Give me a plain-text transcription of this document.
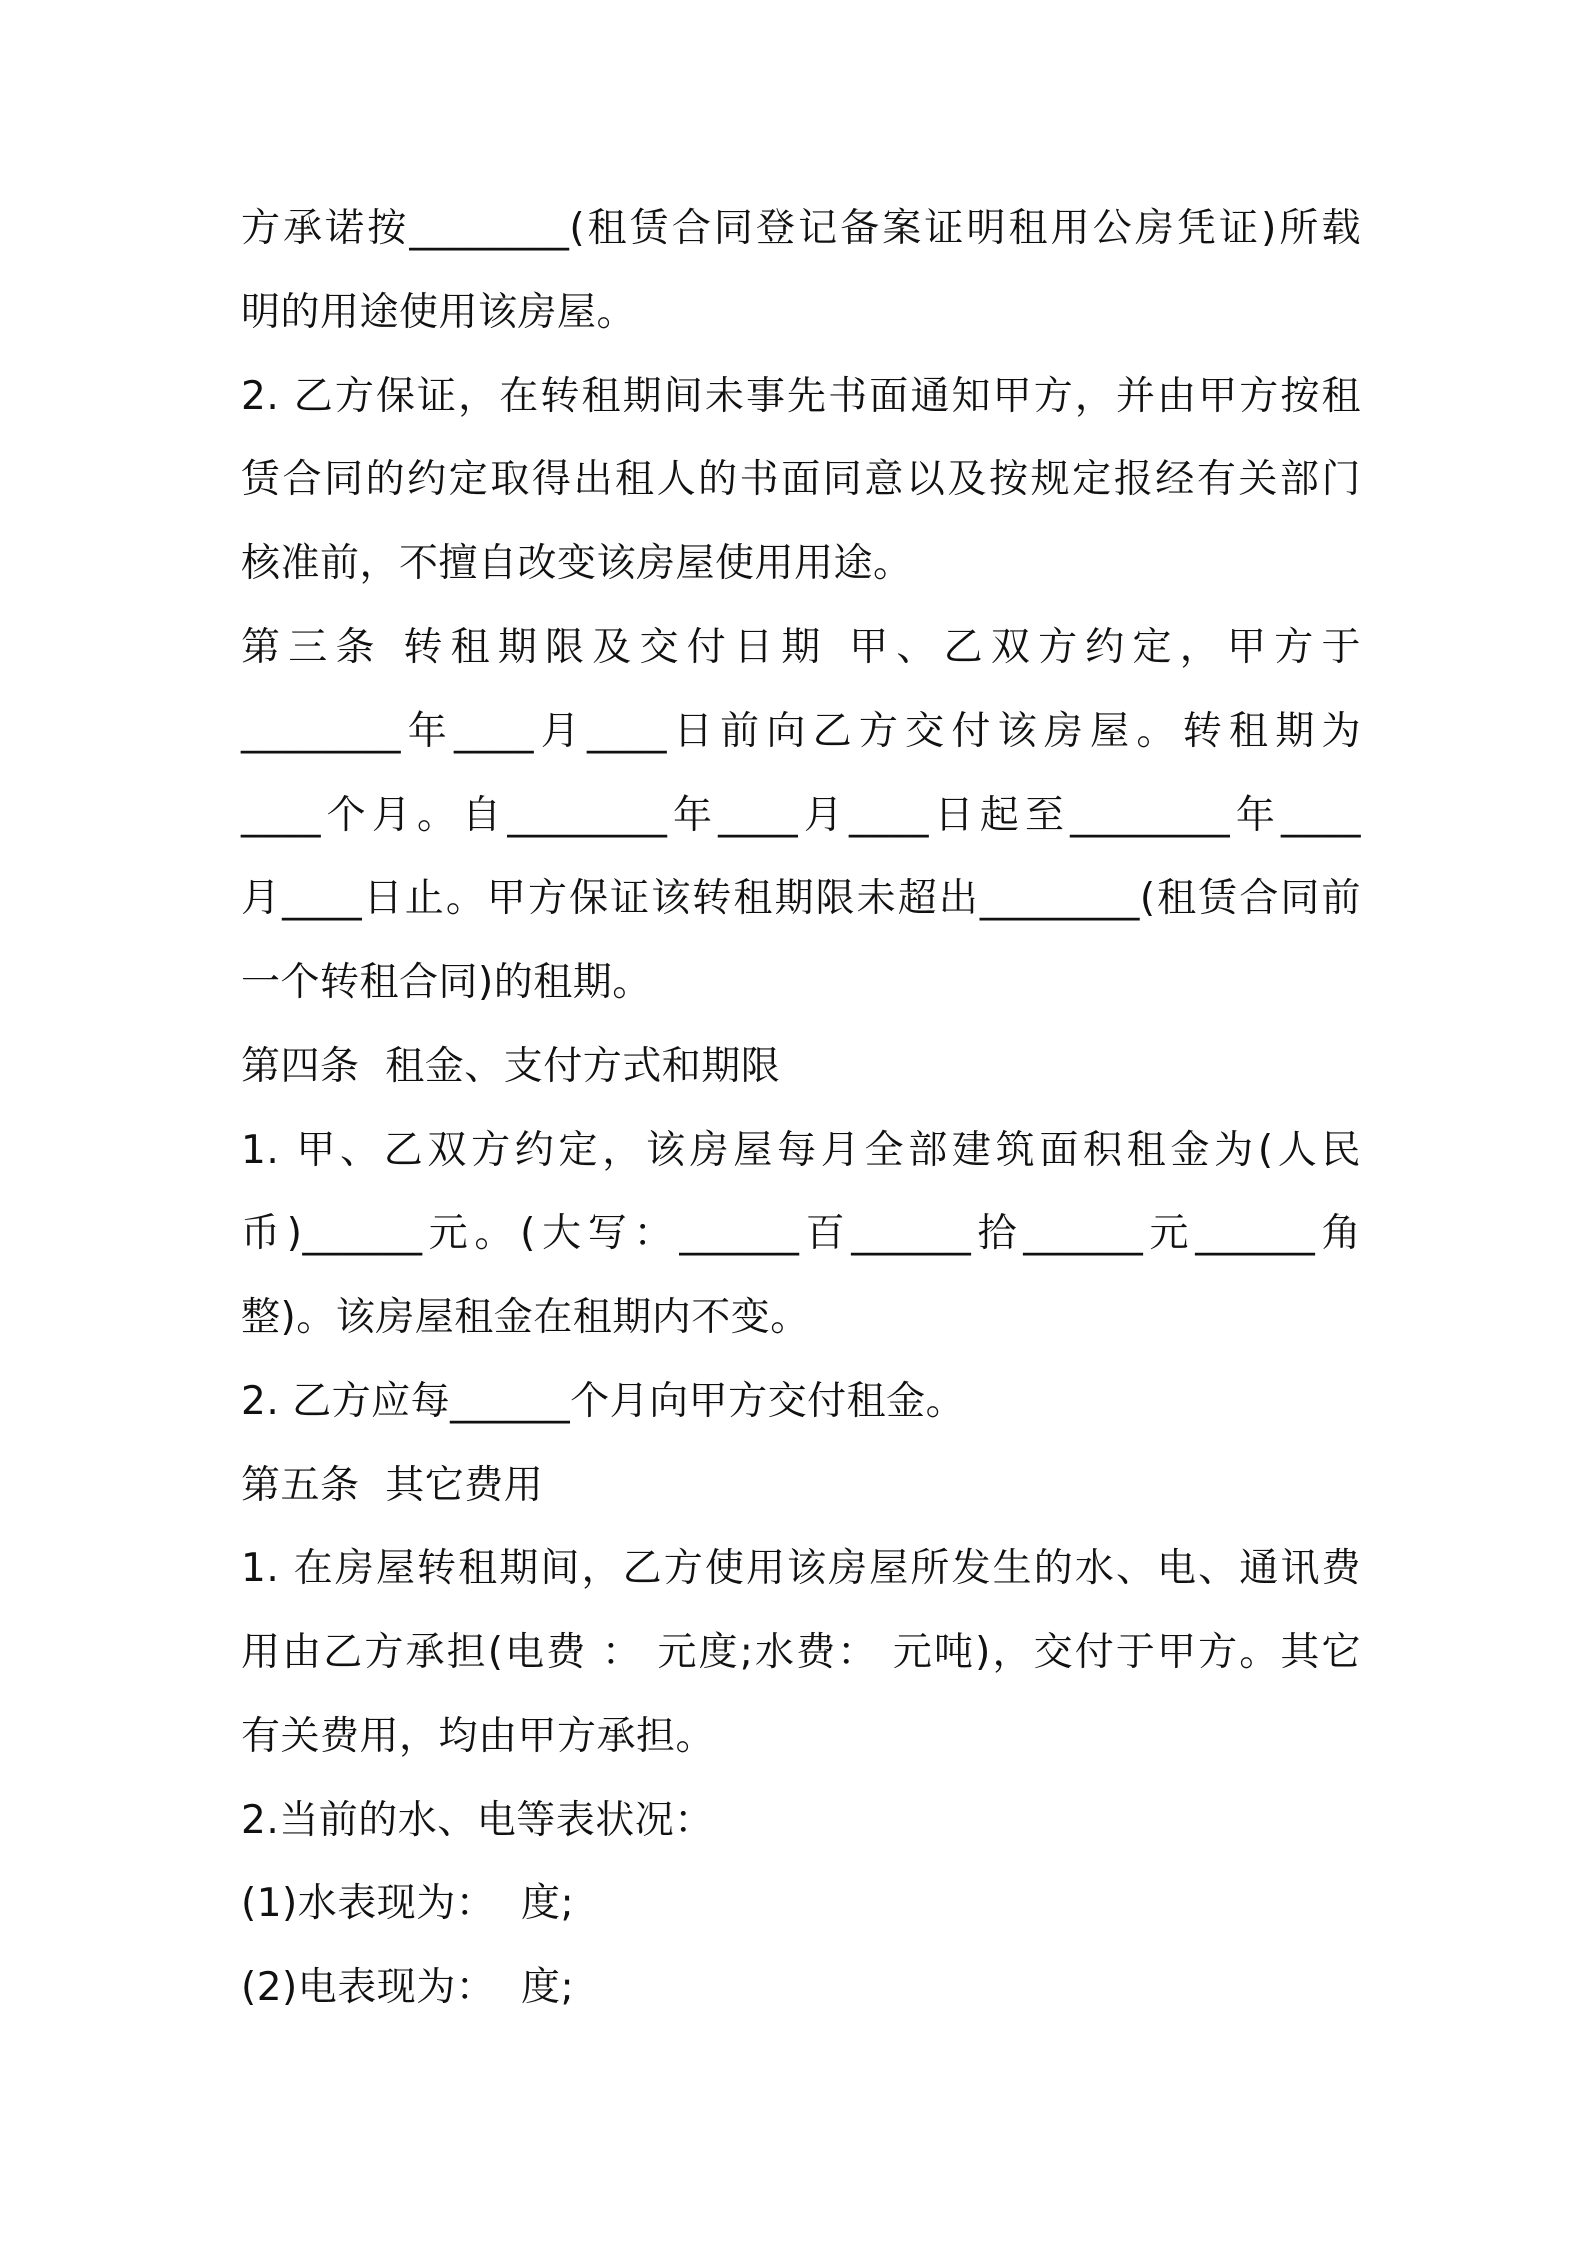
方承诺按________(租赁合同登记备案证明租用公房凭证)所载
明的用途使用该房屋。
2. 乙方保证，在转租期间未事先书面通知甲方，并由甲方按租
赁合同的约定取得出租人的书面同意以及按规定报经有关部门
核准前，不擅自改变该房屋使用用途。
第三条 转租期限及交付日期 甲、乙双方约定，甲方于
________年____月____日前向乙方交付该房屋。转租期为
____个月。自________年____月____日起至________年____
月____日止。甲方保证该转租期限未超出________(租赁合同前
一个转租合同)的租期。
第四条  租金、支付方式和期限
1. 甲、乙双方约定，该房屋每月全部建筑面积租金为(人民
币)______元。(大写：______百______拾______元______角
整)。该房屋租金在租期内不变。
2. 乙方应每______个月向甲方交付租金。
第五条  其它费用
1. 在房屋转租期间，乙方使用该房屋所发生的水、电、通讯费
用由乙方承担(电费 ： 元度;水费： 元吨)，交付于甲方。其它
有关费用，均由甲方承担。
2.当前的水、电等表状况：
(1)水表现为：  度;
(2)电表现为：  度;
